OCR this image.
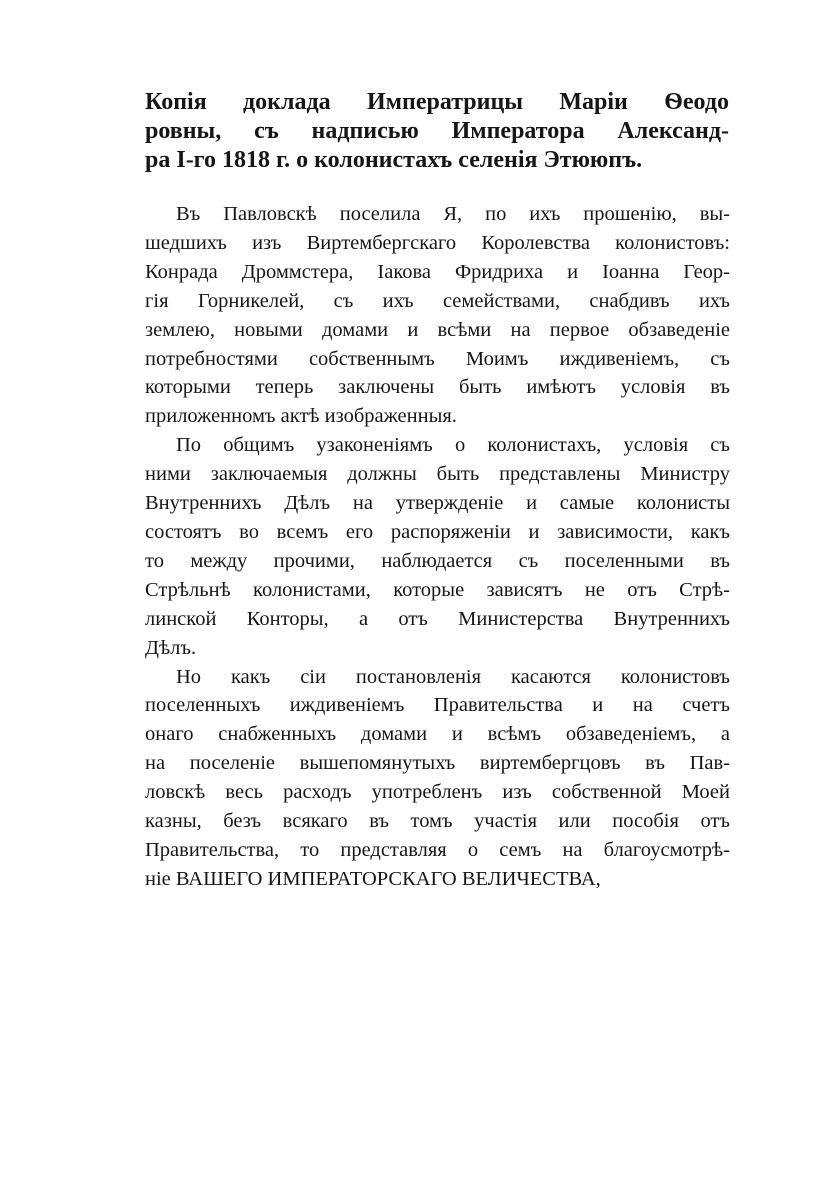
Копія доклада Императрицы Маріи Ѳеодо
ровны, съ надписью Императора Александ-
ра І-го 1818 г. о колонистахъ селенія Этююпъ.
Въ Павловскѣ поселила Я, по ихъ прошенію, вы-
шедшихъ изъ Виртембергскаго Королевства колонистовъ:
Конрада Дроммстера, Іакова Фридриха и Іоанна Геор-
гія Горникелей, съ ихъ семействами, снабдивъ ихъ
землею, новыми домами и всѣми на первое обзаведеніе
потребностями собственнымъ Моимъ иждивеніемъ, съ
которыми теперь заключены быть имѣютъ условія въ
приложенномъ актѣ изображенныя.
По общимъ узаконеніямъ о колонистахъ, условія съ
ними заключаемыя должны быть представлены Министру
Внутреннихъ Дѣлъ на утвержденіе и самые колонисты
состоятъ во всемъ его распоряженіи и зависимости, какъ
то между прочими, наблюдается съ поселенными въ
Стрѣльнѣ колонистами, которые зависятъ не отъ Стрѣ-
линской Конторы, а отъ Министерства Внутреннихъ
Дѣлъ.
Но какъ сіи постановленія касаются колонистовъ
поселенныхъ иждивеніемъ Правительства и на счетъ
онаго снабженныхъ домами и всѣмъ обзаведеніемъ, а
на поселеніе вышепомянутыхъ виртембергцовъ въ Пав-
ловскѣ весь расходъ употребленъ изъ собственной Моей
казны, безъ всякаго въ томъ участія или пособія отъ
Правительства, то представляя о семъ на благоусмотрѣ-
ніе ВАШЕГО ИМПЕРАТОРСКАГО ВЕЛИЧЕСТВА,
